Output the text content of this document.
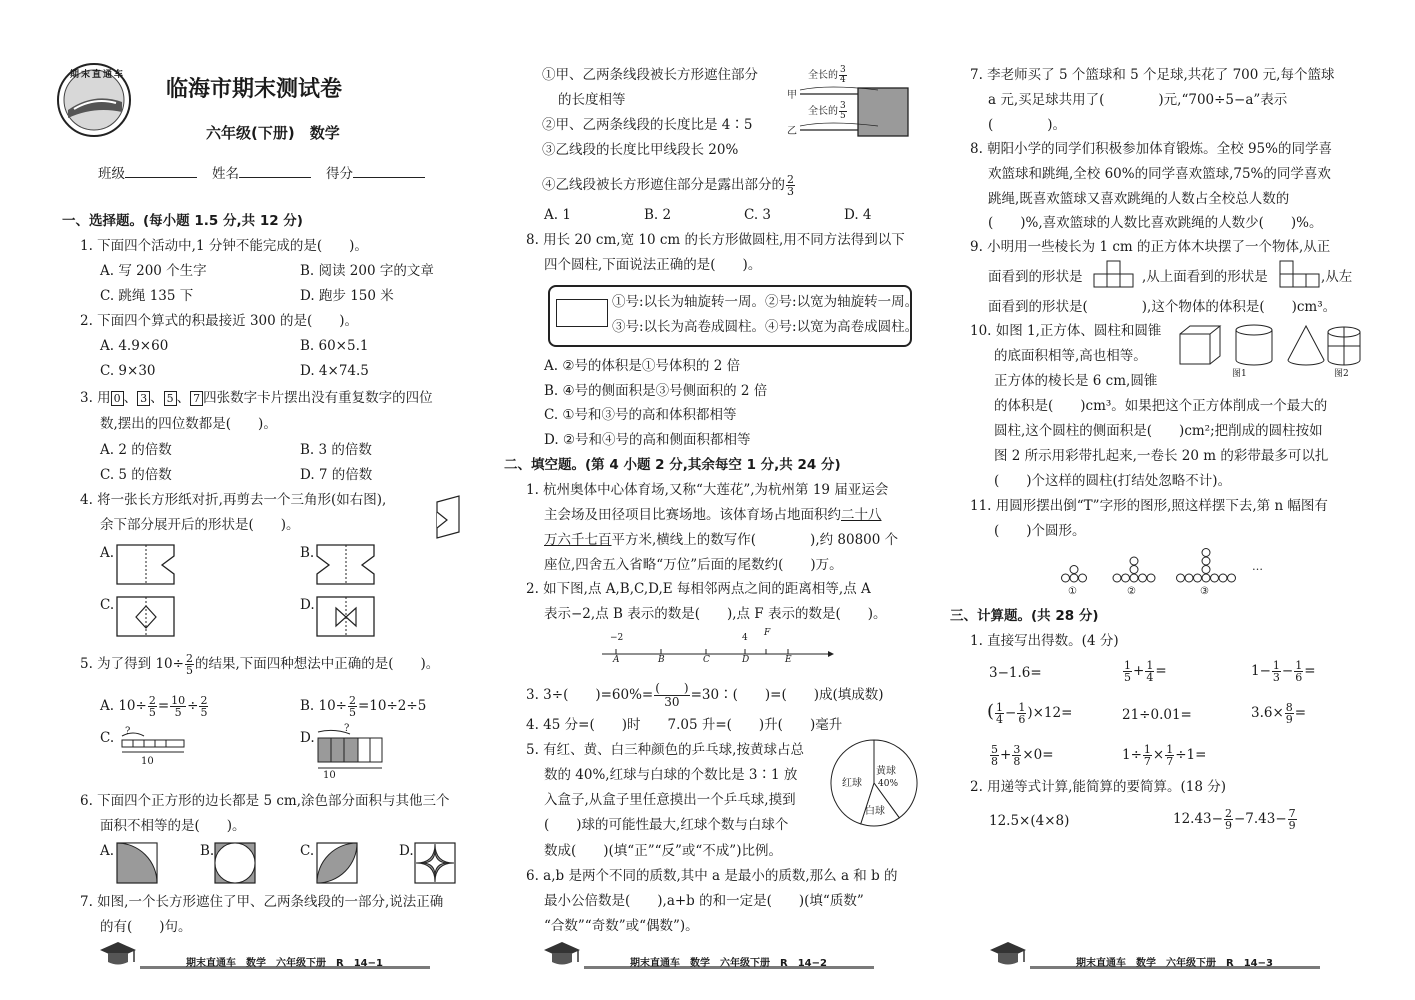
期末直通车
临海市期末测试卷
六年级(下册)　数学
班级	姓名	得分
一、选择题。(每小题 1.5 分,共 12 分)
1. 下面四个活动中,1 分钟不能完成的是(　　)。
A. 写 200 个生字	B. 阅读 200 字的文章
C. 跳绳 135 下	D. 跑步 150 米
2. 下面四个算式的积最接近 300 的是(　　)。
A. 4.9×60	B. 60×5.1
C. 9×30	D. 4×74.5
3. 用 0 、 3 、 5 、 7 四张数字卡片摆出没有重复数字的四位
数,摆出的四位数都是(　　)。
A. 2 的倍数	B. 3 的倍数
C. 5 的倍数	D. 7 的倍数
4. 将一张长方形纸对折,再剪去一个三角形(如右图),
余下部分展开后的形状是(　　)。
A.	B.
C.	D.
5. 为了得到 $10\div \frac{2}{5}$ 的结果,下面四种想法中正确的是(　　)。
A. $10\div \frac{2}{5} = \frac{10}{5} \div \frac{2}{5}$	B. $10\div \frac{2}{5} =10\div 2\div 5$
C. ?
10
D.
?
10
6. 下面四个正方形的边长都是 5 cm,涂色部分面积与其他三个
面积不相等的是(　　)。
A.	B.	C.	D.
7. 如图,一个长方形遮住了甲、乙两条线段的一部分,说法正确
的有(　　)句。
期末直通车　数学　六年级下册　R　14−1
①甲、乙两条线段被长方形遮住部分
的长度相等
②甲、乙两条线段的长度比是 4∶5
③乙线段的长度比甲线段长 20%
④乙线段被长方形遮住部分是露出部分的 $\frac{2}{3}$
甲
乙
全长的 $\frac{3}{4}$
全长的 $\frac{3}{5}$
A. 1	B. 2	C. 3	D. 4
8. 用长 20 cm,宽 10 cm 的长方形做圆柱,用不同方法得到以下
四个圆柱,下面说法正确的是(　　)。
①号:以长为轴旋转一周。②号:以宽为轴旋转一周。
③号:以长为高卷成圆柱。④号:以宽为高卷成圆柱。
A. ②号的体积是①号体积的 2 倍
B. ④号的侧面积是③号侧面积的 2 倍
C. ①号和③号的高和体积都相等
D. ②号和④号的高和侧面积都相等
二、填空题。(第 4 小题 2 分,其余每空 1 分,共 24 分)
1. 杭州奥体中心体育场,又称“大莲花”,为杭州第 19 届亚运会
主会场及田径项目比赛场地。该体育场占地面积约二十八
万六千七百平方米,横线上的数写作(　　　　),约 80800 个
座位,四舍五入省略“万位”后面的尾数约(　　)万。
2. 如下图,点 A,B,C,D,E 每相邻两点之间的距离相等,点 A
表示−2,点 B 表示的数是(　　),点 F 表示的数是(　　)。
−2	4 F
A	B	C	D	E
3. 3÷(　　)$=60\%= \frac{( )}{30}$ =30∶(　　)=(　　)成(填成数)
4. 45 分=(　　)时　　7.05 升=(　　)升(　　)毫升
5. 有红、黄、白三种颜色的乒乓球,按黄球占总
数的 40%,红球与白球的个数比是 3∶1 放
入盒子,从盒子里任意摸出一个乒乓球,摸到
(　　)球的可能性最大,红球个数与白球个
数成(　　)(填“正”“反”或“不成”)比例。
红球
黄球
40%
白球
6. a,b 是两个不同的质数,其中 a 是最小的质数,那么 a 和 b 的
最小公倍数是(　　),a+b 的和一定是(　　)(填“质数”
“合数”“奇数”或“偶数”)。
期末直通车　数学　六年级下册　R　14−2
7. 李老师买了 5 个篮球和 5 个足球,共花了 700 元,每个篮球
a 元,买足球共用了(　　　　)元,“700÷5−a”表示
(　　　　)。
8. 朝阳小学的同学们积极参加体育锻炼。全校 95%的同学喜
欢篮球和跳绳,全校 60%的同学喜欢篮球,75%的同学喜欢
跳绳,既喜欢篮球又喜欢跳绳的人数占全校总人数的
(　　)%,喜欢篮球的人数比喜欢跳绳的人数少(　　)%。
9. 小明用一些棱长为 1 cm 的正方体木块摆了一个物体,从正
面看到的形状是	,从上面看到的形状是	,从左
面看到的形状是(　　　　),这个物体的体积是(　　)cm³。
10. 如图 1,正方体、圆柱和圆锥
的底面积相等,高也相等。
正方体的棱长是 6 cm,圆锥
的体积是(　　)cm³。如果把这个正方体削成一个最大的
圆柱,这个圆柱的侧面积是(　　)cm²;把削成的圆柱按如
图 2 所示用彩带扎起来,一卷长 20 m 的彩带最多可以扎
(　　)个这样的圆柱(打结处忽略不计)。
图1	图2
11. 用圆形摆出倒“T”字形的图形,照这样摆下去,第 n 幅图有
(　　)个圆形。
①	②	③
…
三、计算题。(共 28 分)
1. 直接写出得数。(4 分)
3−1.6=	$\frac{1}{5} + \frac{1}{4}$ =	$1- \frac{1}{3} - \frac{1}{6}$ =
( $\frac{1}{4} - \frac{1}{6} )\times 12=$	21÷0.01=	$3.6\times \frac{8}{9}$ =
$\frac{5}{8} + \frac{3}{8} \times 0=$	$1\div \frac{1}{7} \times \frac{1}{7} \div 1=$
2. 用递等式计算,能简算的要简算。(18 分)
12.5×(4×8)	$12.43- \frac{2}{9} -7.43- \frac{7}{9}$
期末直通车　数学　六年级下册　R　14−3
